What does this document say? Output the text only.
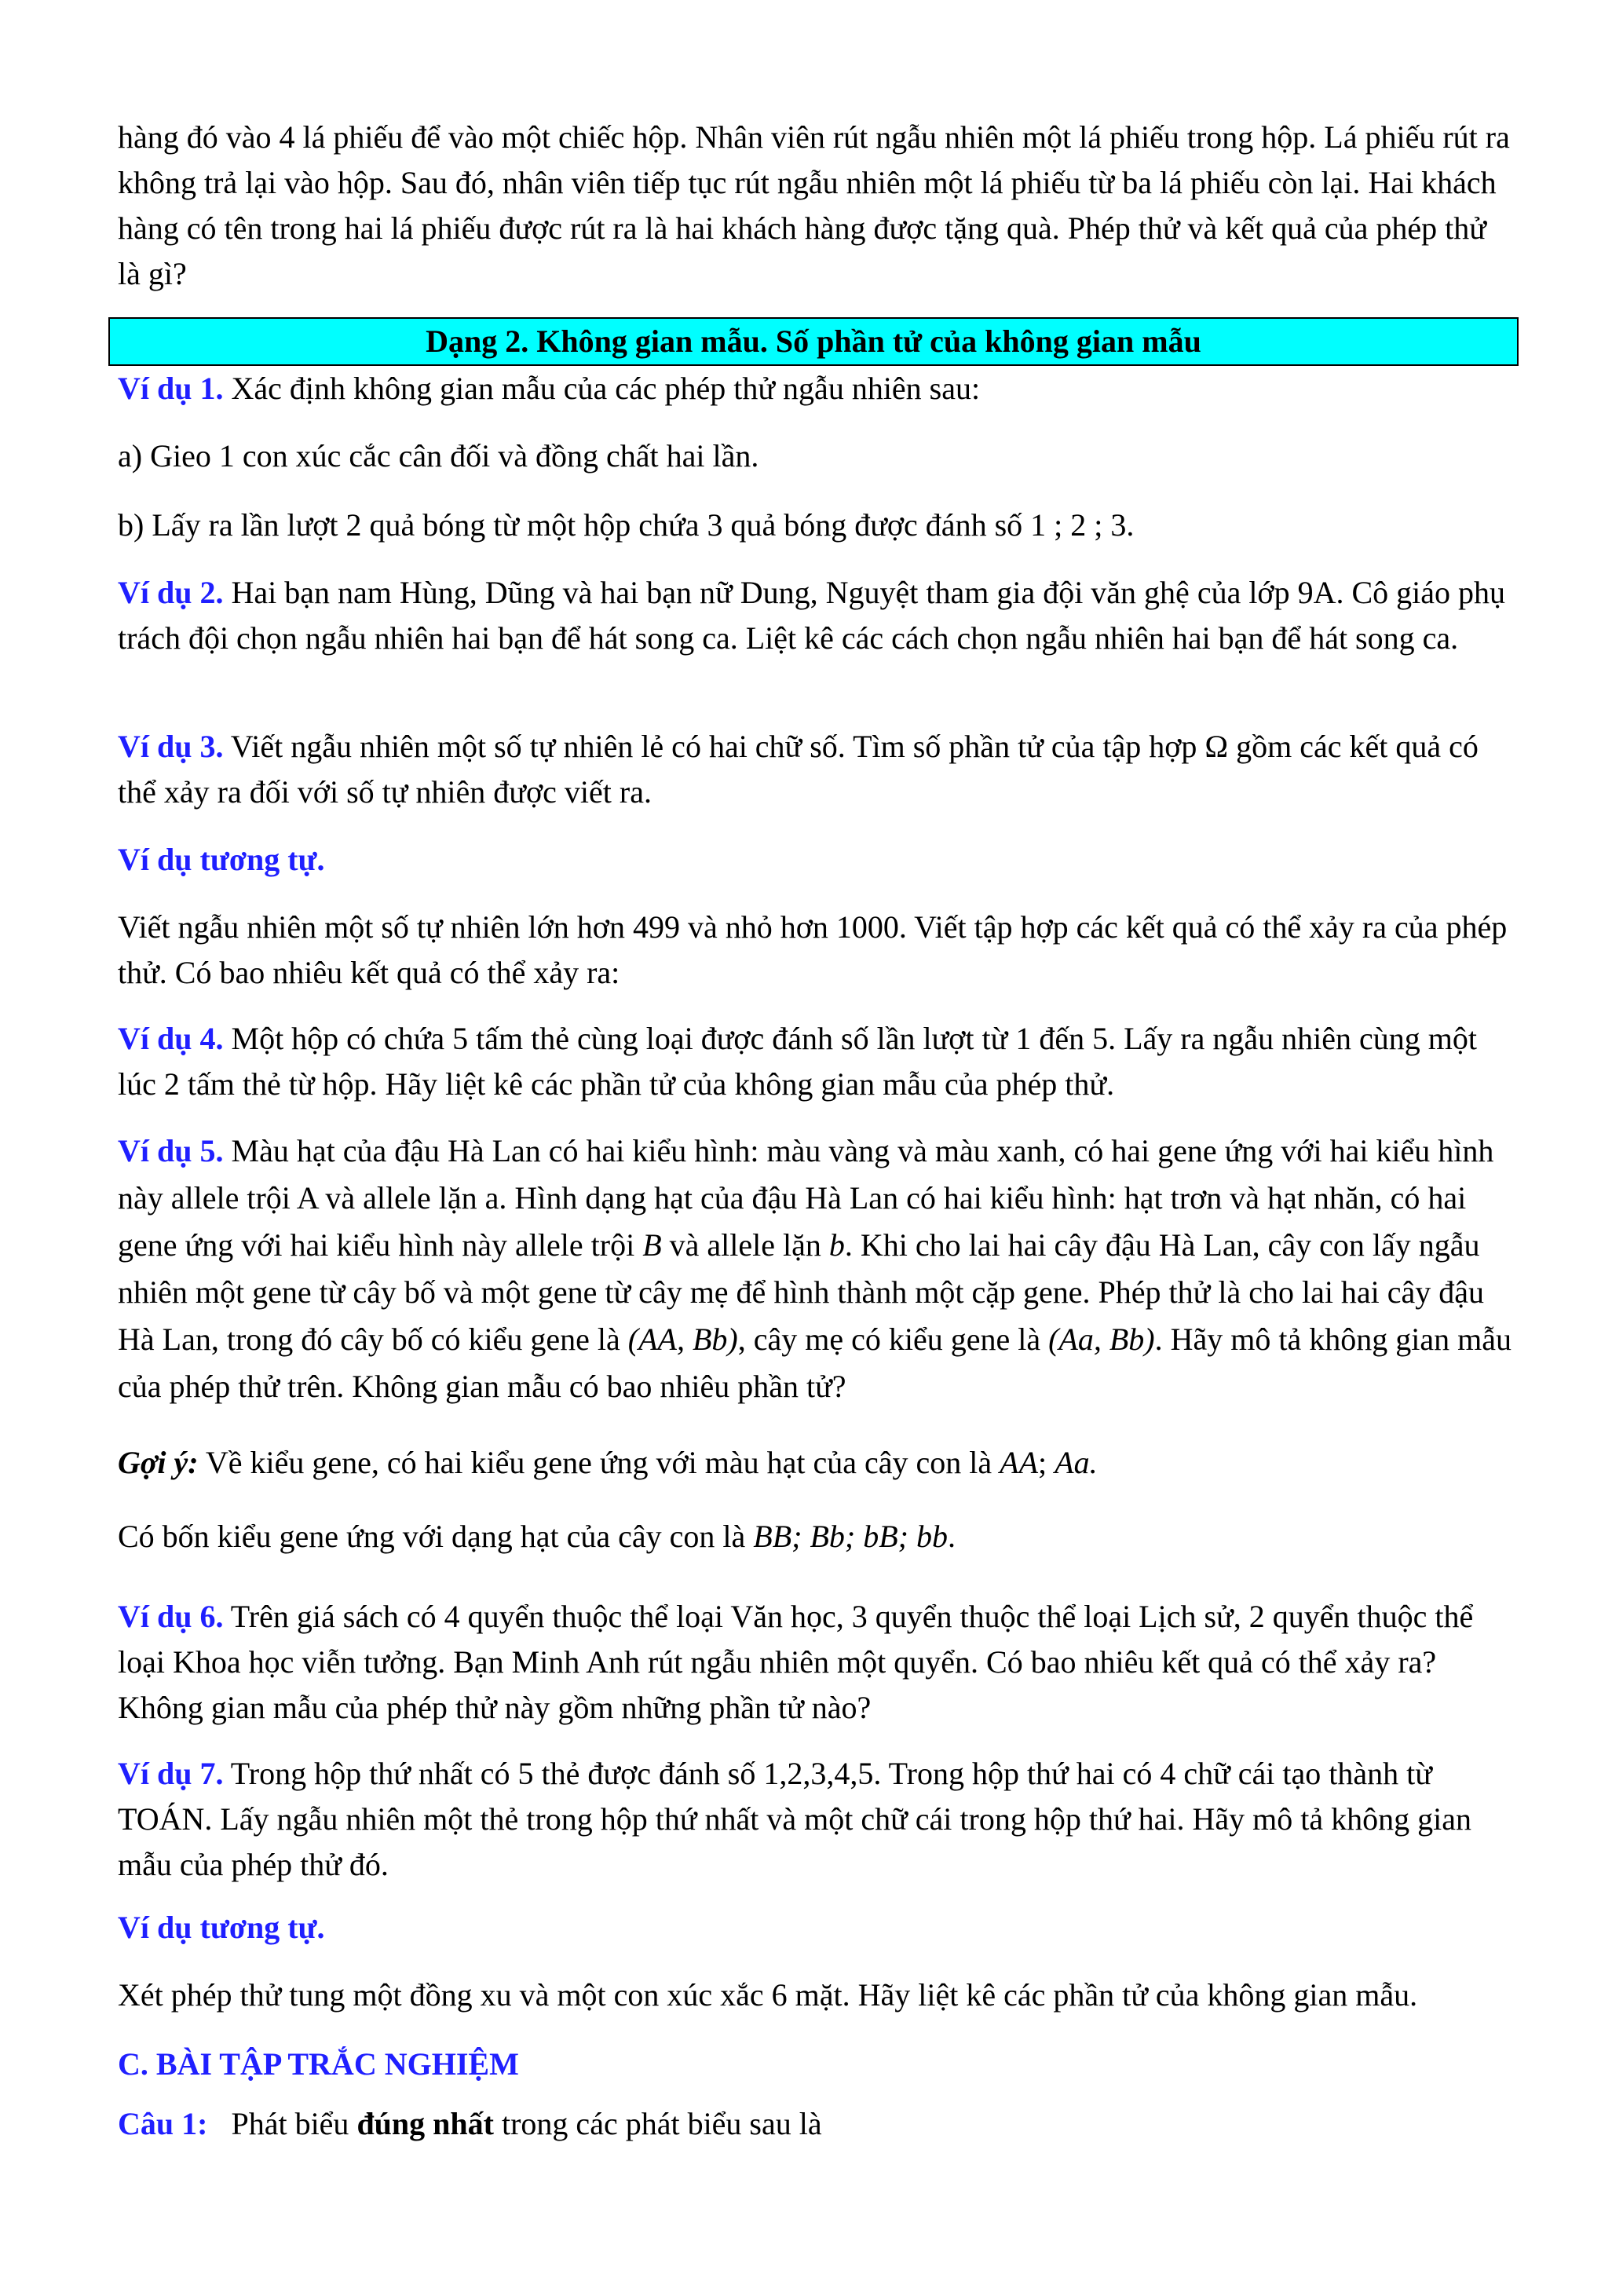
hàng đó vào 4 lá phiếu để vào một chiếc hộp. Nhân viên rút ngẫu nhiên một lá phiếu trong hộp. Lá phiếu rút ra không trả lại vào hộp. Sau đó, nhân viên tiếp tục rút ngẫu nhiên một lá phiếu từ ba lá phiếu còn lại. Hai khách hàng có tên trong hai lá phiếu được rút ra là hai khách hàng được tặng quà. Phép thử và kết quả của phép thử là gì?

Dạng 2. Không gian mẫu. Số phần tử của không gian mẫu

Ví dụ 1. Xác định không gian mẫu của các phép thử ngẫu nhiên sau:

a) Gieo 1 con xúc cắc cân đối và đồng chất hai lần.

b) Lấy ra lần lượt 2 quả bóng từ một hộp chứa 3 quả bóng được đánh số 1 ; 2 ; 3.

Ví dụ 2. Hai bạn nam Hùng, Dũng và hai bạn nữ Dung, Nguyệt tham gia đội văn ghệ của lớp 9A. Cô giáo phụ trách đội chọn ngẫu nhiên hai bạn để hát song ca. Liệt kê các cách chọn ngẫu nhiên hai bạn để hát song ca.

Ví dụ 3. Viết ngẫu nhiên một số tự nhiên lẻ có hai chữ số. Tìm số phần tử của tập hợp Ω gồm các kết quả có thể xảy ra đối với số tự nhiên được viết ra.

Ví dụ tương tự.

Viết ngẫu nhiên một số tự nhiên lớn hơn 499 và nhỏ hơn 1000. Viết tập hợp các kết quả có thể xảy ra của phép thử. Có bao nhiêu kết quả có thể xảy ra:

Ví dụ 4. Một hộp có chứa 5 tấm thẻ cùng loại được đánh số lần lượt từ 1 đến 5. Lấy ra ngẫu nhiên cùng một lúc 2 tấm thẻ từ hộp. Hãy liệt kê các phần tử của không gian mẫu của phép thử.

Ví dụ 5. Màu hạt của đậu Hà Lan có hai kiểu hình: màu vàng và màu xanh, có hai gene ứng với hai kiểu hình này allele trội A và allele lặn a. Hình dạng hạt của đậu Hà Lan có hai kiểu hình: hạt trơn và hạt nhăn, có hai gene ứng với hai kiểu hình này allele trội B và allele lặn b. Khi cho lai hai cây đậu Hà Lan, cây con lấy ngẫu nhiên một gene từ cây bố và một gene từ cây mẹ để hình thành một cặp gene. Phép thử là cho lai hai cây đậu Hà Lan, trong đó cây bố có kiểu gene là (AA, Bb), cây mẹ có kiểu gene là (Aa, Bb). Hãy mô tả không gian mẫu của phép thử trên. Không gian mẫu có bao nhiêu phần tử?

Gợi ý: Về kiểu gene, có hai kiểu gene ứng với màu hạt của cây con là AA; Aa.

Có bốn kiểu gene ứng với dạng hạt của cây con là BB; Bb; bB; bb.

Ví dụ 6. Trên giá sách có 4 quyển thuộc thể loại Văn học, 3 quyển thuộc thể loại Lịch sử, 2 quyển thuộc thể loại Khoa học viễn tưởng. Bạn Minh Anh rút ngẫu nhiên một quyển. Có bao nhiêu kết quả có thể xảy ra? Không gian mẫu của phép thử này gồm những phần tử nào?

Ví dụ 7. Trong hộp thứ nhất có 5 thẻ được đánh số 1,2,3,4,5. Trong hộp thứ hai có 4 chữ cái tạo thành từ TOÁN. Lấy ngẫu nhiên một thẻ trong hộp thứ nhất và một chữ cái trong hộp thứ hai. Hãy mô tả không gian mẫu của phép thử đó.

Ví dụ tương tự.

Xét phép thử tung một đồng xu và một con xúc xắc 6 mặt. Hãy liệt kê các phần tử của không gian mẫu.

C. BÀI TẬP TRẮC NGHIỆM

Câu 1: Phát biểu đúng nhất trong các phát biểu sau là
